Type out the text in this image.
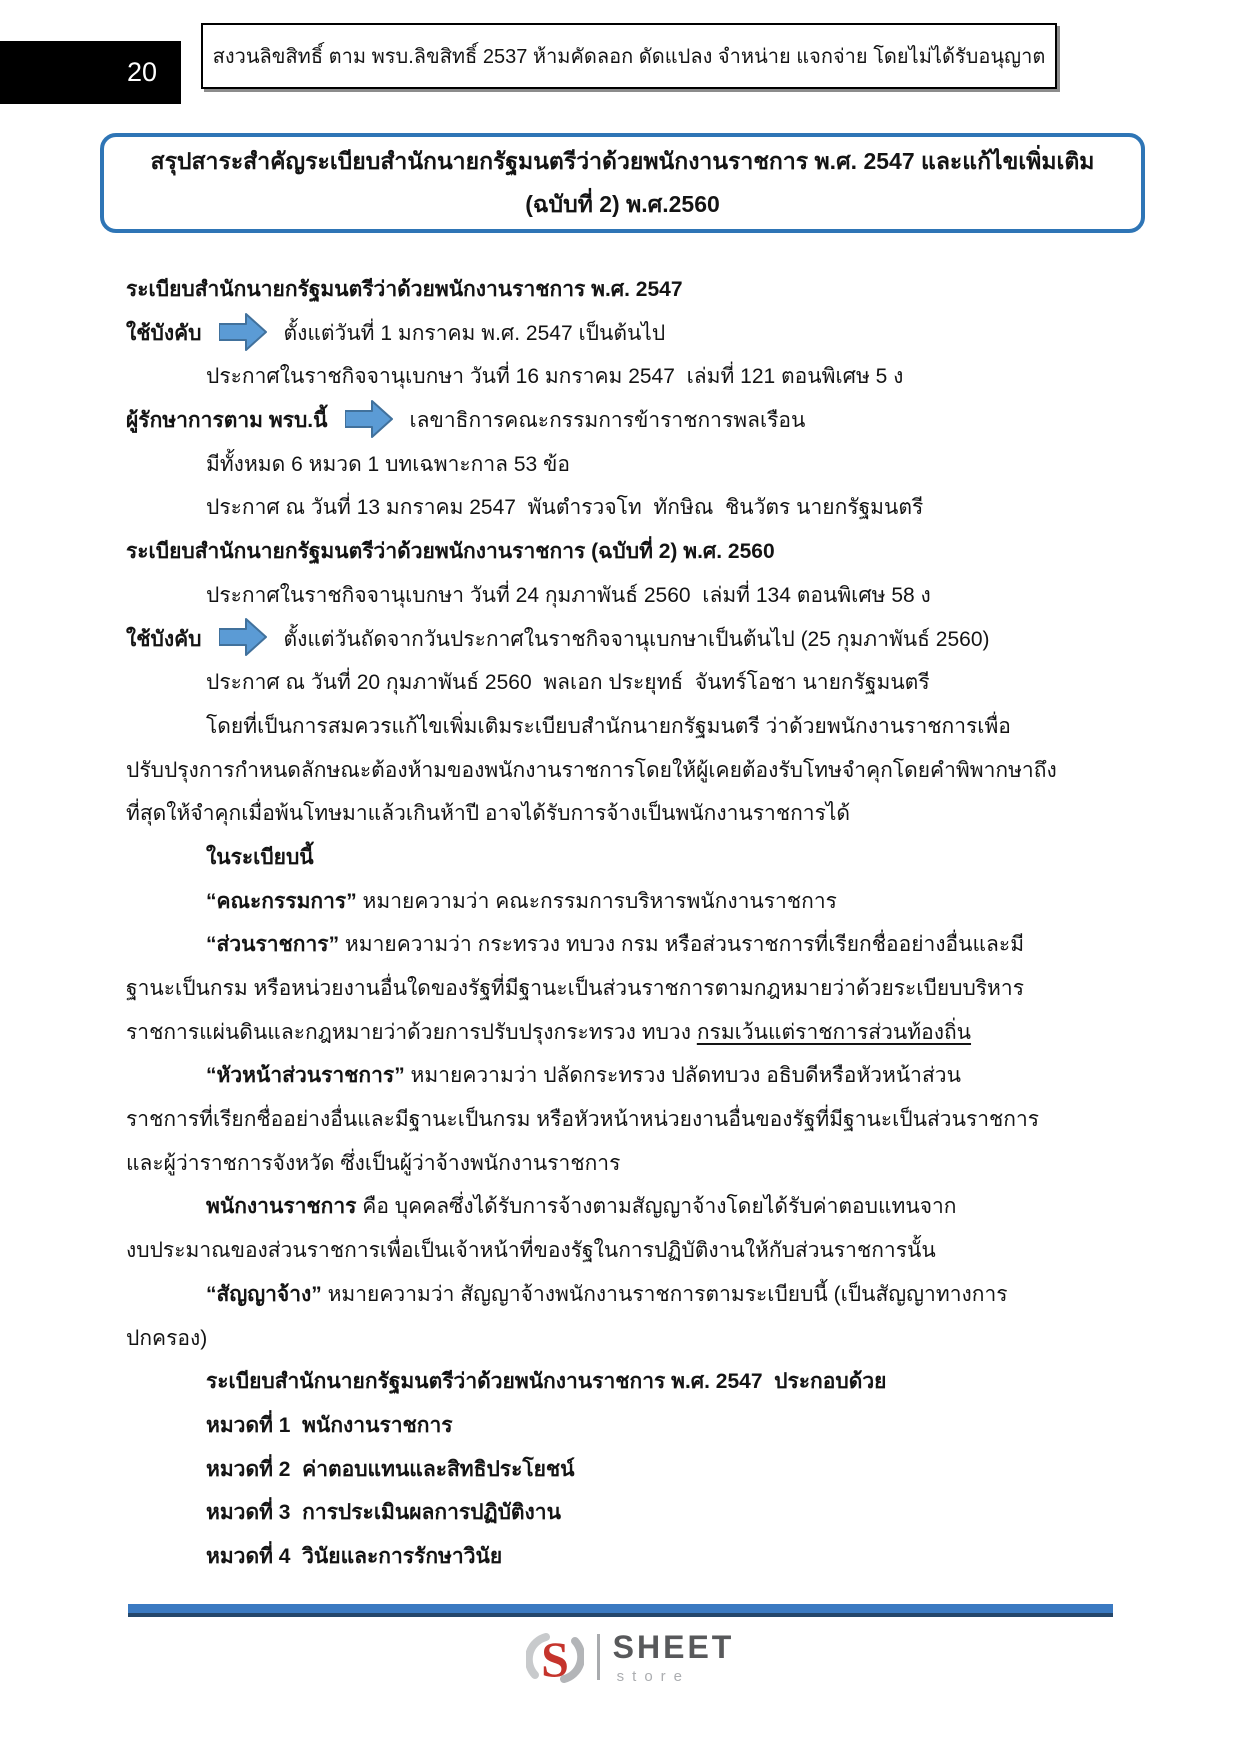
20	สงวนลิขสิทธิ์ ตาม พรบ.ลิขสิทธิ์ 2537 ห้ามคัดลอก ดัดแปลง จำหน่าย แจกจ่าย โดยไม่ได้รับอนุญาต
สรุปสาระสำคัญระเบียบสำนักนายกรัฐมนตรีว่าด้วยพนักงานราชการ พ.ศ. 2547 และแก้ไขเพิ่มเติม
(ฉบับที่ 2) พ.ศ.2560
ระเบียบสำนักนายกรัฐมนตรีว่าด้วยพนักงานราชการ พ.ศ. 2547
ใช้บังคับ	ตั้งแต่วันที่ 1 มกราคม พ.ศ. 2547 เป็นต้นไป
ประกาศในราชกิจจานุเบกษา วันที่ 16 มกราคม 2547  เล่มที่ 121 ตอนพิเศษ 5 ง
ผู้รักษาการตาม พรบ.นี้	เลขาธิการคณะกรรมการข้าราชการพลเรือน
มีทั้งหมด 6 หมวด 1 บทเฉพาะกาล 53 ข้อ
ประกาศ ณ วันที่ 13 มกราคม 2547  พันตำรวจโท  ทักษิณ  ชินวัตร นายกรัฐมนตรี
ระเบียบสำนักนายกรัฐมนตรีว่าด้วยพนักงานราชการ (ฉบับที่ 2) พ.ศ. 2560
ประกาศในราชกิจจานุเบกษา วันที่ 24 กุมภาพันธ์ 2560  เล่มที่ 134 ตอนพิเศษ 58 ง
ใช้บังคับ	ตั้งแต่วันถัดจากวันประกาศในราชกิจจานุเบกษาเป็นต้นไป (25 กุมภาพันธ์ 2560)
ประกาศ ณ วันที่ 20 กุมภาพันธ์ 2560  พลเอก ประยุทธ์  จันทร์โอชา นายกรัฐมนตรี
โดยที่เป็นการสมควรแก้ไขเพิ่มเติมระเบียบสำนักนายกรัฐมนตรี ว่าด้วยพนักงานราชการเพื่อ
ปรับปรุงการกำหนดลักษณะต้องห้ามของพนักงานราชการโดยให้ผู้เคยต้องรับโทษจำคุกโดยคำพิพากษาถึง
ที่สุดให้จำคุกเมื่อพ้นโทษมาแล้วเกินห้าปี อาจได้รับการจ้างเป็นพนักงานราชการได้
ในระเบียบนี้
“คณะกรรมการ” หมายความว่า คณะกรรมการบริหารพนักงานราชการ
“ส่วนราชการ” หมายความว่า กระทรวง ทบวง กรม หรือส่วนราชการที่เรียกชื่ออย่างอื่นและมี
ฐานะเป็นกรม หรือหน่วยงานอื่นใดของรัฐที่มีฐานะเป็นส่วนราชการตามกฎหมายว่าด้วยระเบียบบริหาร
ราชการแผ่นดินและกฎหมายว่าด้วยการปรับปรุงกระทรวง ทบวง กรมเว้นแต่ราชการส่วนท้องถิ่น
“หัวหน้าส่วนราชการ” หมายความว่า ปลัดกระทรวง ปลัดทบวง อธิบดีหรือหัวหน้าส่วน
ราชการที่เรียกชื่ออย่างอื่นและมีฐานะเป็นกรม หรือหัวหน้าหน่วยงานอื่นของรัฐที่มีฐานะเป็นส่วนราชการ
และผู้ว่าราชการจังหวัด ซึ่งเป็นผู้ว่าจ้างพนักงานราชการ
พนักงานราชการ คือ บุคคลซึ่งได้รับการจ้างตามสัญญาจ้างโดยได้รับค่าตอบแทนจาก
งบประมาณของส่วนราชการเพื่อเป็นเจ้าหน้าที่ของรัฐในการปฏิบัติงานให้กับส่วนราชการนั้น
“สัญญาจ้าง” หมายความว่า สัญญาจ้างพนักงานราชการตามระเบียบนี้ (เป็นสัญญาทางการ
ปกครอง)
ระเบียบสำนักนายกรัฐมนตรีว่าด้วยพนักงานราชการ พ.ศ. 2547  ประกอบด้วย
หมวดที่ 1  พนักงานราชการ
หมวดที่ 2  ค่าตอบแทนและสิทธิประโยชน์
หมวดที่ 3  การประเมินผลการปฏิบัติงาน
หมวดที่ 4  วินัยและการรักษาวินัย
S SHEET
store
